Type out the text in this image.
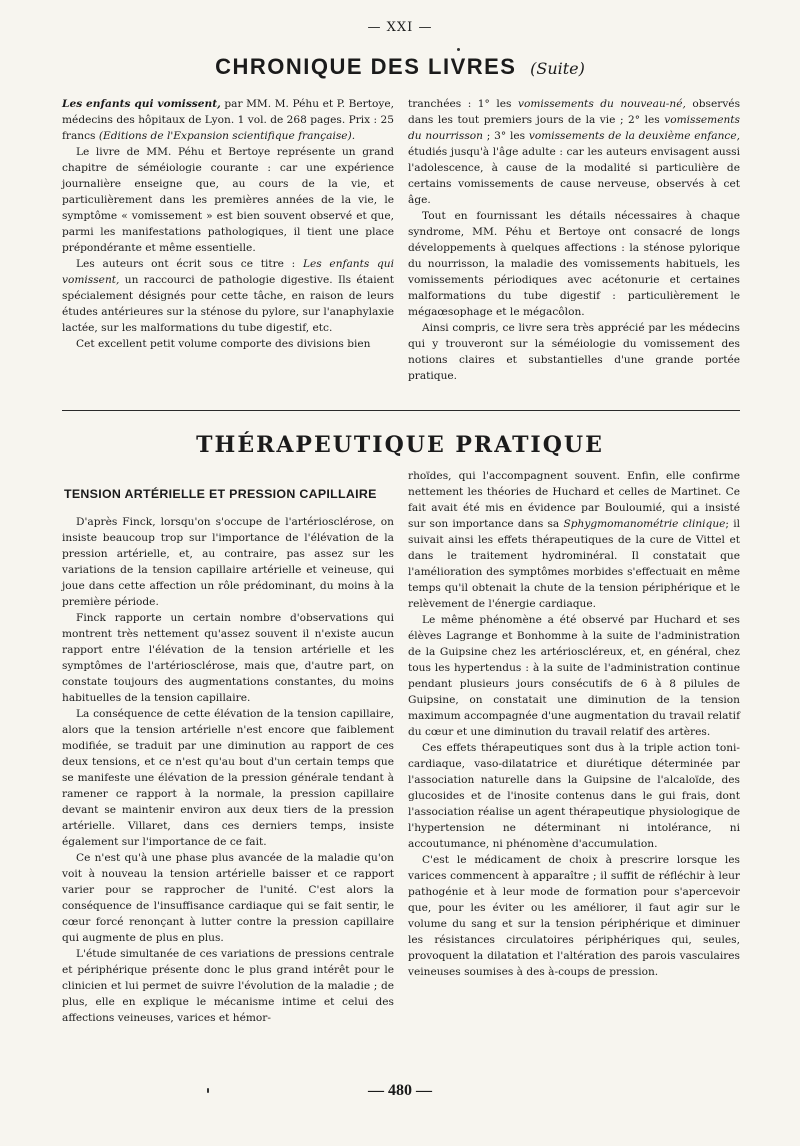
— XXI —
CHRONIQUE DES LIVRES (Suite)

Les enfants qui vomissent, par MM. M. Péhu et P. Bertoye, médecins des hôpitaux de Lyon. 1 vol. de 268 pages. Prix : 25 francs (Editions de l'Expansion scientifique française).

Le livre de MM. Péhu et Bertoye représente un grand chapitre de séméiologie courante : car une expérience journalière enseigne que, au cours de la vie, et particulièrement dans les premières années de la vie, le symptôme « vomissement » est bien souvent observé et que, parmi les manifestations pathologiques, il tient une place prépondérante et même essentielle.

Les auteurs ont écrit sous ce titre : Les enfants qui vomissent, un raccourci de pathologie digestive. Ils étaient spécialement désignés pour cette tâche, en raison de leurs études antérieures sur la sténose du pylore, sur l'anaphylaxie lactée, sur les malformations du tube digestif, etc.

Cet excellent petit volume comporte des divisions bien

tranchées : 1° les vomissements du nouveau-né, observés dans les tout premiers jours de la vie ; 2° les vomissements du nourrisson ; 3° les vomissements de la deuxième enfance, étudiés jusqu'à l'âge adulte : car les auteurs envisagent aussi l'adolescence, à cause de la modalité si particulière de certains vomissements de cause nerveuse, observés à cet âge.

Tout en fournissant les détails nécessaires à chaque syndrome, MM. Péhu et Bertoye ont consacré de longs développements à quelques affections : la sténose pylorique du nourrisson, la maladie des vomissements habituels, les vomissements périodiques avec acétonurie et certaines malformations du tube digestif : particulièrement le mégaœsophage et le mégacôlon.

Ainsi compris, ce livre sera très apprécié par les médecins qui y trouveront sur la séméiologie du vomissement des notions claires et substantielles d'une grande portée pratique.

THÉRAPEUTIQUE PRATIQUE
TENSION ARTÉRIELLE ET PRESSION CAPILLAIRE

D'après Finck, lorsqu'on s'occupe de l'artériosclérose, on insiste beaucoup trop sur l'importance de l'élévation de la pression artérielle, et, au contraire, pas assez sur les variations de la tension capillaire artérielle et veineuse, qui joue dans cette affection un rôle prédominant, du moins à la première période.

Finck rapporte un certain nombre d'observations qui montrent très nettement qu'assez souvent il n'existe aucun rapport entre l'élévation de la tension artérielle et les symptômes de l'artériosclérose, mais que, d'autre part, on constate toujours des augmentations constantes, du moins habituelles de la tension capillaire.

La conséquence de cette élévation de la tension capillaire, alors que la tension artérielle n'est encore que faiblement modifiée, se traduit par une diminution au rapport de ces deux tensions, et ce n'est qu'au bout d'un certain temps que se manifeste une élévation de la pression générale tendant à ramener ce rapport à la normale, la pression capillaire devant se maintenir environ aux deux tiers de la pression artérielle. Villaret, dans ces derniers temps, insiste également sur l'importance de ce fait.

Ce n'est qu'à une phase plus avancée de la maladie qu'on voit à nouveau la tension artérielle baisser et ce rapport varier pour se rapprocher de l'unité. C'est alors la conséquence de l'insuffisance cardiaque qui se fait sentir, le cœur forcé renonçant à lutter contre la pression capillaire qui augmente de plus en plus.

L'étude simultanée de ces variations de pressions centrale et périphérique présente donc le plus grand intérêt pour le clinicien et lui permet de suivre l'évolution de la maladie ; de plus, elle en explique le mécanisme intime et celui des affections veineuses, varices et hémor-

rhoïdes, qui l'accompagnent souvent. Enfin, elle confirme nettement les théories de Huchard et celles de Martinet. Ce fait avait été mis en évidence par Bouloumié, qui a insisté sur son importance dans sa Sphygmomanométrie clinique; il suivait ainsi les effets thérapeutiques de la cure de Vittel et dans le traitement hydrominéral. Il constatait que l'amélioration des symptômes morbides s'effectuait en même temps qu'il obtenait la chute de la tension périphérique et le relèvement de l'énergie cardiaque.

Le même phénomène a été observé par Huchard et ses élèves Lagrange et Bonhomme à la suite de l'administration de la Guipsine chez les artérioscléreux, et, en général, chez tous les hypertendus : à la suite de l'administration continue pendant plusieurs jours consécutifs de 6 à 8 pilules de Guipsine, on constatait une diminution de la tension maximum accompagnée d'une augmentation du travail relatif du cœur et une diminution du travail relatif des artères.

Ces effets thérapeutiques sont dus à la triple action toni-cardiaque, vaso-dilatatrice et diurétique déterminée par l'association naturelle dans la Guipsine de l'alcaloïde, des glucosides et de l'inosite contenus dans le gui frais, dont l'association réalise un agent thérapeutique physiologique de l'hypertension ne déterminant ni intolérance, ni accoutumance, ni phénomène d'accumulation.

C'est le médicament de choix à prescrire lorsque les varices commencent à apparaître ; il suffit de réfléchir à leur pathogénie et à leur mode de formation pour s'apercevoir que, pour les éviter ou les améliorer, il faut agir sur le volume du sang et sur la tension périphérique et diminuer les résistances circulatoires périphériques qui, seules, provoquent la dilatation et l'altération des parois vasculaires veineuses soumises à des à-coups de pression.

— 480 —
